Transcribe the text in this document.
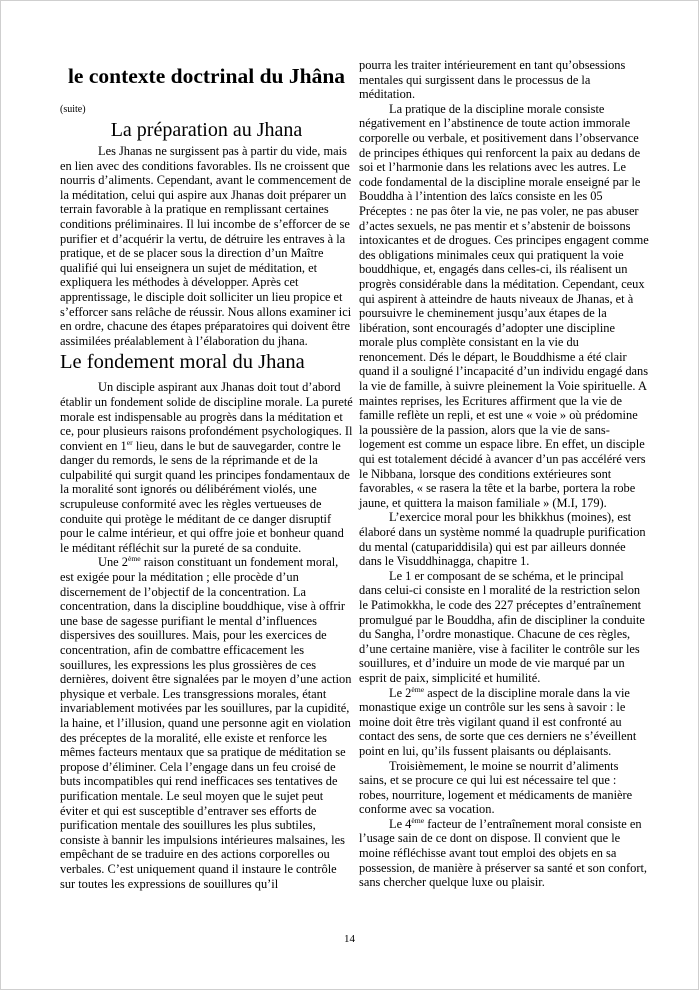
le contexte doctrinal du Jhâna
(suite)
La préparation au Jhana

Les Jhanas ne surgissent pas à partir du vide, mais en lien avec des conditions favorables. Ils ne croissent que nourris d’aliments. Cependant, avant le commencement de la méditation, celui qui aspire aux Jhanas doit préparer un terrain favorable à la pratique en remplissant certaines conditions préliminaires. Il lui incombe de s’efforcer de se purifier et d’acquérir la vertu, de détruire les entraves à la pratique, et de se placer sous la direction d’un Maître qualifié qui lui enseignera un sujet de méditation, et expliquera les méthodes à développer. Après cet apprentissage, le disciple doit solliciter un lieu propice et s’efforcer sans relâche de réussir. Nous allons examiner ici en ordre, chacune des étapes préparatoires qui doivent être assimilées préalablement à l’élaboration du jhana.

Le fondement moral du Jhana

Un disciple aspirant aux Jhanas doit tout d’abord établir un fondement solide de discipline morale. La pureté morale est indispensable au progrès dans la méditation et ce, pour plusieurs raisons profondément psychologiques. Il convient en 1er lieu, dans le but de sauvegarder, contre le danger du remords, le sens de la réprimande et de la culpabilité qui surgit quand les principes fondamentaux de la moralité sont ignorés ou délibérément violés, une scrupuleuse conformité avec les règles vertueuses de conduite qui protège le méditant de ce danger disruptif pour le calme intérieur, et qui offre joie et bonheur quand le méditant réfléchit sur la pureté de sa conduite.

Une 2ème raison constituant un fondement moral, est exigée pour la méditation ; elle procède d’un discernement de l’objectif de la concentration. La concentration, dans la discipline bouddhique, vise à offrir une base de sagesse purifiant le mental d’influences dispersives des souillures. Mais, pour les exercices de concentration, afin de combattre efficacement les souillures, les expressions les plus grossières de ces dernières, doivent être signalées par le moyen d’une action physique et verbale. Les transgressions morales, étant invariablement motivées par les souillures, par la cupidité, la haine, et l’illusion, quand une personne agit en violation des préceptes de la moralité, elle existe et renforce les mêmes facteurs mentaux que sa pratique de méditation se propose d’éliminer. Cela l’engage dans un feu croisé de buts incompatibles qui rend inefficaces ses tentatives de purification mentale. Le seul moyen que le sujet peut éviter et qui est susceptible d’entraver ses efforts de purification mentale des souillures les plus subtiles, consiste à bannir les impulsions intérieures malsaines, les empêchant de se traduire en des actions corporelles ou verbales. C’est uniquement quand il instaure le contrôle sur toutes les expressions de souillures qu’il

pourra les traiter intérieurement en tant qu’obsessions mentales qui surgissent dans le processus de la méditation.

La pratique de la discipline morale consiste négativement en l’abstinence de toute action immorale corporelle ou verbale, et positivement dans l’observance de principes éthiques qui renforcent la paix au dedans de soi et l’harmonie dans les relations avec les autres. Le code fondamental de la discipline morale enseigné par le Bouddha à l’intention des laïcs consiste en les 05 Préceptes : ne pas ôter la vie, ne pas voler, ne pas abuser d’actes sexuels, ne pas mentir et s’abstenir de boissons intoxicantes et de drogues. Ces principes engagent comme des obligations minimales ceux qui pratiquent la voie bouddhique, et, engagés dans celles-ci, ils réalisent un progrès considérable dans la méditation. Cependant, ceux qui aspirent à atteindre de hauts niveaux de Jhanas, et à poursuivre le cheminement jusqu’aux étapes de la libération, sont encouragés d’adopter une discipline morale plus complète consistant en la vie du renoncement. Dés le départ, le Bouddhisme a été clair quand il a souligné l’incapacité d’un individu engagé dans la vie de famille, à suivre pleinement la Voie spirituelle. A maintes reprises, les Ecritures affirment que la vie de famille reflète un repli, et est une « voie » où prédomine la poussière de la passion, alors que la vie de sans-logement est comme un espace libre. En effet, un disciple qui est totalement décidé à avancer d’un pas accéléré vers le Nibbana, lorsque des conditions extérieures sont favorables, « se rasera la tête et la barbe, portera la robe jaune, et quittera la maison familiale » (M.I, 179).

L’exercice moral pour les bhikkhus (moines), est élaboré dans un système nommé la quadruple purification du mental (catupariddisila) qui est par ailleurs donnée dans le Visuddhinagga, chapitre 1.

Le 1 er composant de se schéma, et le principal dans celui-ci consiste en l moralité de la restriction selon le Patimokkha, le code des 227 préceptes d’entraînement promulgué par le Bouddha, afin de discipliner la conduite du Sangha, l’ordre monastique. Chacune de ces règles, d’une certaine manière, vise à faciliter le contrôle sur les souillures, et d’induire un mode de vie marqué par un esprit de paix, simplicité et humilité.

Le 2ème aspect de la discipline morale dans la vie monastique exige un contrôle sur les sens à savoir : le moine doit être très vigilant quand il est confronté au contact des sens, de sorte que ces derniers ne s’éveillent point en lui, qu’ils fussent plaisants ou déplaisants.

Troisièmement, le moine se nourrit d’aliments sains, et se procure ce qui lui est nécessaire tel que : robes, nourriture, logement et médicaments de manière conforme avec sa vocation.

Le 4ème facteur de l’entraînement moral consiste en l’usage sain de ce dont on dispose. Il convient que le moine réfléchisse avant tout emploi des objets en sa possession, de manière à préserver sa santé et son confort, sans chercher quelque luxe ou plaisir.

14
